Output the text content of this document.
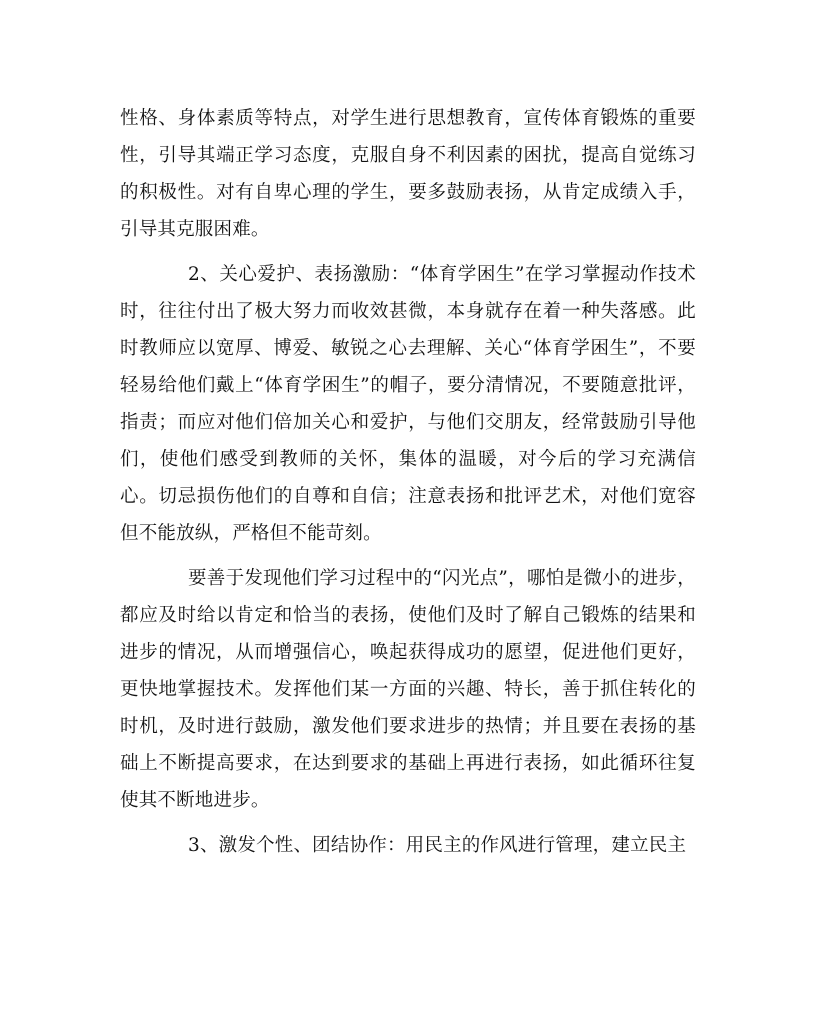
性格、身体素质等特点，对学生进行思想教育，宣传体育锻炼的重要性，引导其端正学习态度，克服自身不利因素的困扰，提高自觉练习的积极性。对有自卑心理的学生，要多鼓励表扬，从肯定成绩入手，引导其克服困难。

2、关心爱护、表扬激励：“体育学困生”在学习掌握动作技术时，往往付出了极大努力而收效甚微，本身就存在着一种失落感。此时教师应以宽厚、博爱、敏锐之心去理解、关心“体育学困生”，不要轻易给他们戴上“体育学困生”的帽子，要分清情况，不要随意批评，指责；而应对他们倍加关心和爱护，与他们交朋友，经常鼓励引导他们，使他们感受到教师的关怀，集体的温暖，对今后的学习充满信心。切忌损伤他们的自尊和自信；注意表扬和批评艺术，对他们宽容但不能放纵，严格但不能苛刻。

要善于发现他们学习过程中的“闪光点”，哪怕是微小的进步，都应及时给以肯定和恰当的表扬，使他们及时了解自己锻炼的结果和进步的情况，从而增强信心，唤起获得成功的愿望，促进他们更好，更快地掌握技术。发挥他们某一方面的兴趣、特长，善于抓住转化的时机，及时进行鼓励，激发他们要求进步的热情；并且要在表扬的基础上不断提高要求，在达到要求的基础上再进行表扬，如此循环往复使其不断地进步。

3、激发个性、团结协作：用民主的作风进行管理，建立民主
